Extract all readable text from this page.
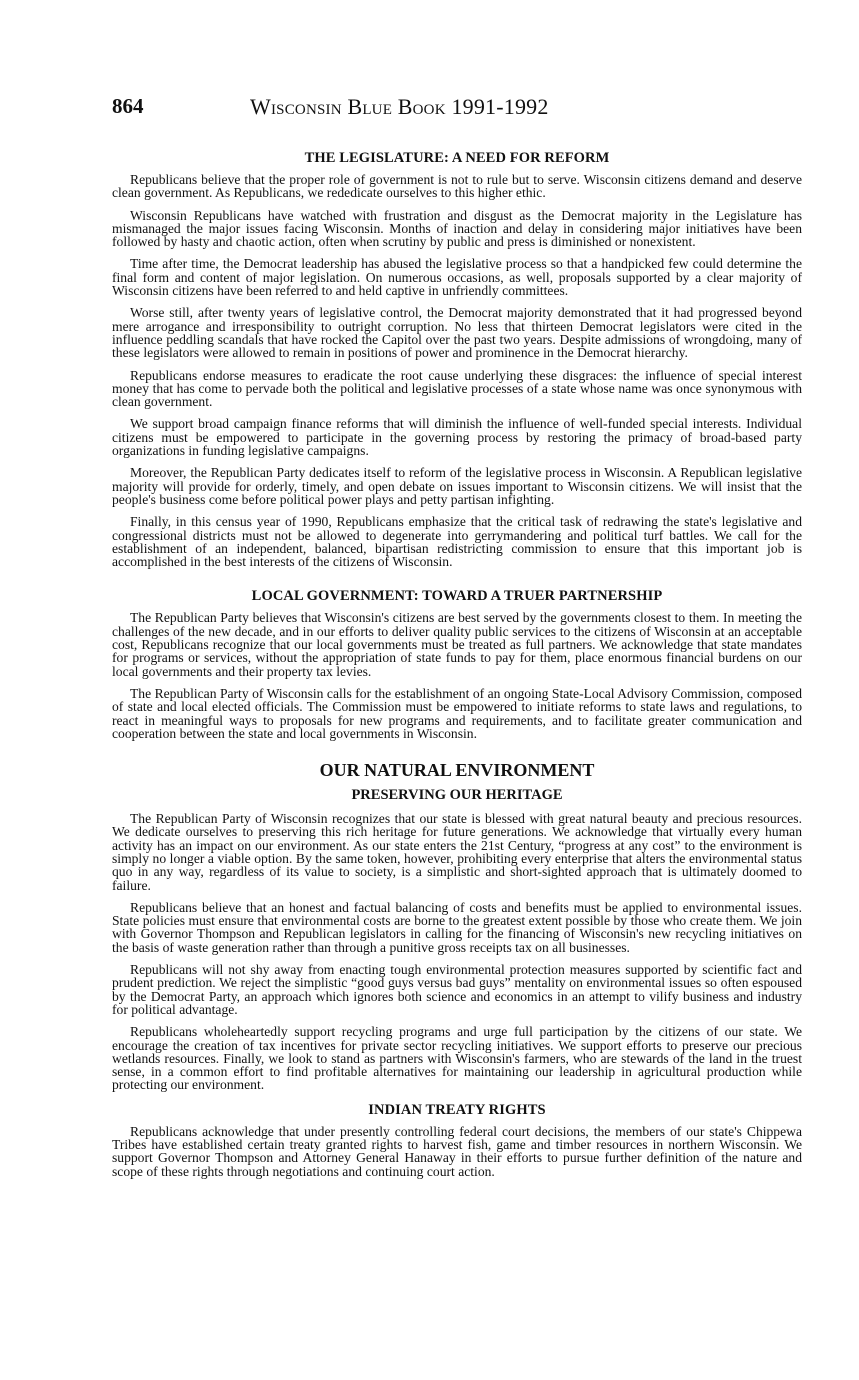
864	Wisconsin Blue Book 1991-1992
THE LEGISLATURE: A NEED FOR REFORM

Republicans believe that the proper role of government is not to rule but to serve. Wisconsin citizens demand and deserve clean government. As Republicans, we rededicate ourselves to this higher ethic.

Wisconsin Republicans have watched with frustration and disgust as the Democrat majority in the Legislature has mismanaged the major issues facing Wisconsin. Months of inaction and delay in considering major initiatives have been followed by hasty and chaotic action, often when scrutiny by public and press is diminished or nonexistent.

Time after time, the Democrat leadership has abused the legislative process so that a handpicked few could determine the final form and content of major legislation. On numerous occasions, as well, proposals supported by a clear majority of Wisconsin citizens have been referred to and held captive in unfriendly committees.

Worse still, after twenty years of legislative control, the Democrat majority demonstrated that it had progressed beyond mere arrogance and irresponsibility to outright corruption. No less that thirteen Democrat legislators were cited in the influence peddling scandals that have rocked the Capitol over the past two years. Despite admissions of wrongdoing, many of these legislators were allowed to remain in positions of power and prominence in the Democrat hierarchy.

Republicans endorse measures to eradicate the root cause underlying these disgraces: the influence of special interest money that has come to pervade both the political and legislative processes of a state whose name was once synonymous with clean government.

We support broad campaign finance reforms that will diminish the influence of well-funded special interests. Individual citizens must be empowered to participate in the governing process by restoring the primacy of broad-based party organizations in funding legislative campaigns.

Moreover, the Republican Party dedicates itself to reform of the legislative process in Wisconsin. A Republican legislative majority will provide for orderly, timely, and open debate on issues important to Wisconsin citizens. We will insist that the people's business come before political power plays and petty partisan infighting.

Finally, in this census year of 1990, Republicans emphasize that the critical task of redrawing the state's legislative and congressional districts must not be allowed to degenerate into gerrymandering and political turf battles. We call for the establishment of an independent, balanced, bipartisan redistricting commission to ensure that this important job is accomplished in the best interests of the citizens of Wisconsin.

LOCAL GOVERNMENT: TOWARD A TRUER PARTNERSHIP

The Republican Party believes that Wisconsin's citizens are best served by the governments closest to them. In meeting the challenges of the new decade, and in our efforts to deliver quality public services to the citizens of Wisconsin at an acceptable cost, Republicans recognize that our local governments must be treated as full partners. We acknowledge that state mandates for programs or services, without the appropriation of state funds to pay for them, place enormous financial burdens on our local governments and their property tax levies.

The Republican Party of Wisconsin calls for the establishment of an ongoing State-Local Advisory Commission, composed of state and local elected officials. The Commission must be empowered to initiate reforms to state laws and regulations, to react in meaningful ways to proposals for new programs and requirements, and to facilitate greater communication and cooperation between the state and local governments in Wisconsin.

OUR NATURAL ENVIRONMENT
PRESERVING OUR HERITAGE

The Republican Party of Wisconsin recognizes that our state is blessed with great natural beauty and precious resources. We dedicate ourselves to preserving this rich heritage for future generations. We acknowledge that virtually every human activity has an impact on our environment. As our state enters the 21st Century, “progress at any cost” to the environment is simply no longer a viable option. By the same token, however, prohibiting every enterprise that alters the environmental status quo in any way, regardless of its value to society, is a simplistic and short-sighted approach that is ultimately doomed to failure.

Republicans believe that an honest and factual balancing of costs and benefits must be applied to environmental issues. State policies must ensure that environmental costs are borne to the greatest extent possible by those who create them. We join with Governor Thompson and Republican legislators in calling for the financing of Wisconsin's new recycling initiatives on the basis of waste generation rather than through a punitive gross receipts tax on all businesses.

Republicans will not shy away from enacting tough environmental protection measures supported by scientific fact and prudent prediction. We reject the simplistic “good guys versus bad guys” mentality on environmental issues so often espoused by the Democrat Party, an approach which ignores both science and economics in an attempt to vilify business and industry for political advantage.

Republicans wholeheartedly support recycling programs and urge full participation by the citizens of our state. We encourage the creation of tax incentives for private sector recycling initiatives. We support efforts to preserve our precious wetlands resources. Finally, we look to stand as partners with Wisconsin's farmers, who are stewards of the land in the truest sense, in a common effort to find profitable alternatives for maintaining our leadership in agricultural production while protecting our environment.

INDIAN TREATY RIGHTS

Republicans acknowledge that under presently controlling federal court decisions, the members of our state's Chippewa Tribes have established certain treaty granted rights to harvest fish, game and timber resources in northern Wisconsin. We support Governor Thompson and Attorney General Hanaway in their efforts to pursue further definition of the nature and scope of these rights through negotiations and continuing court action.
